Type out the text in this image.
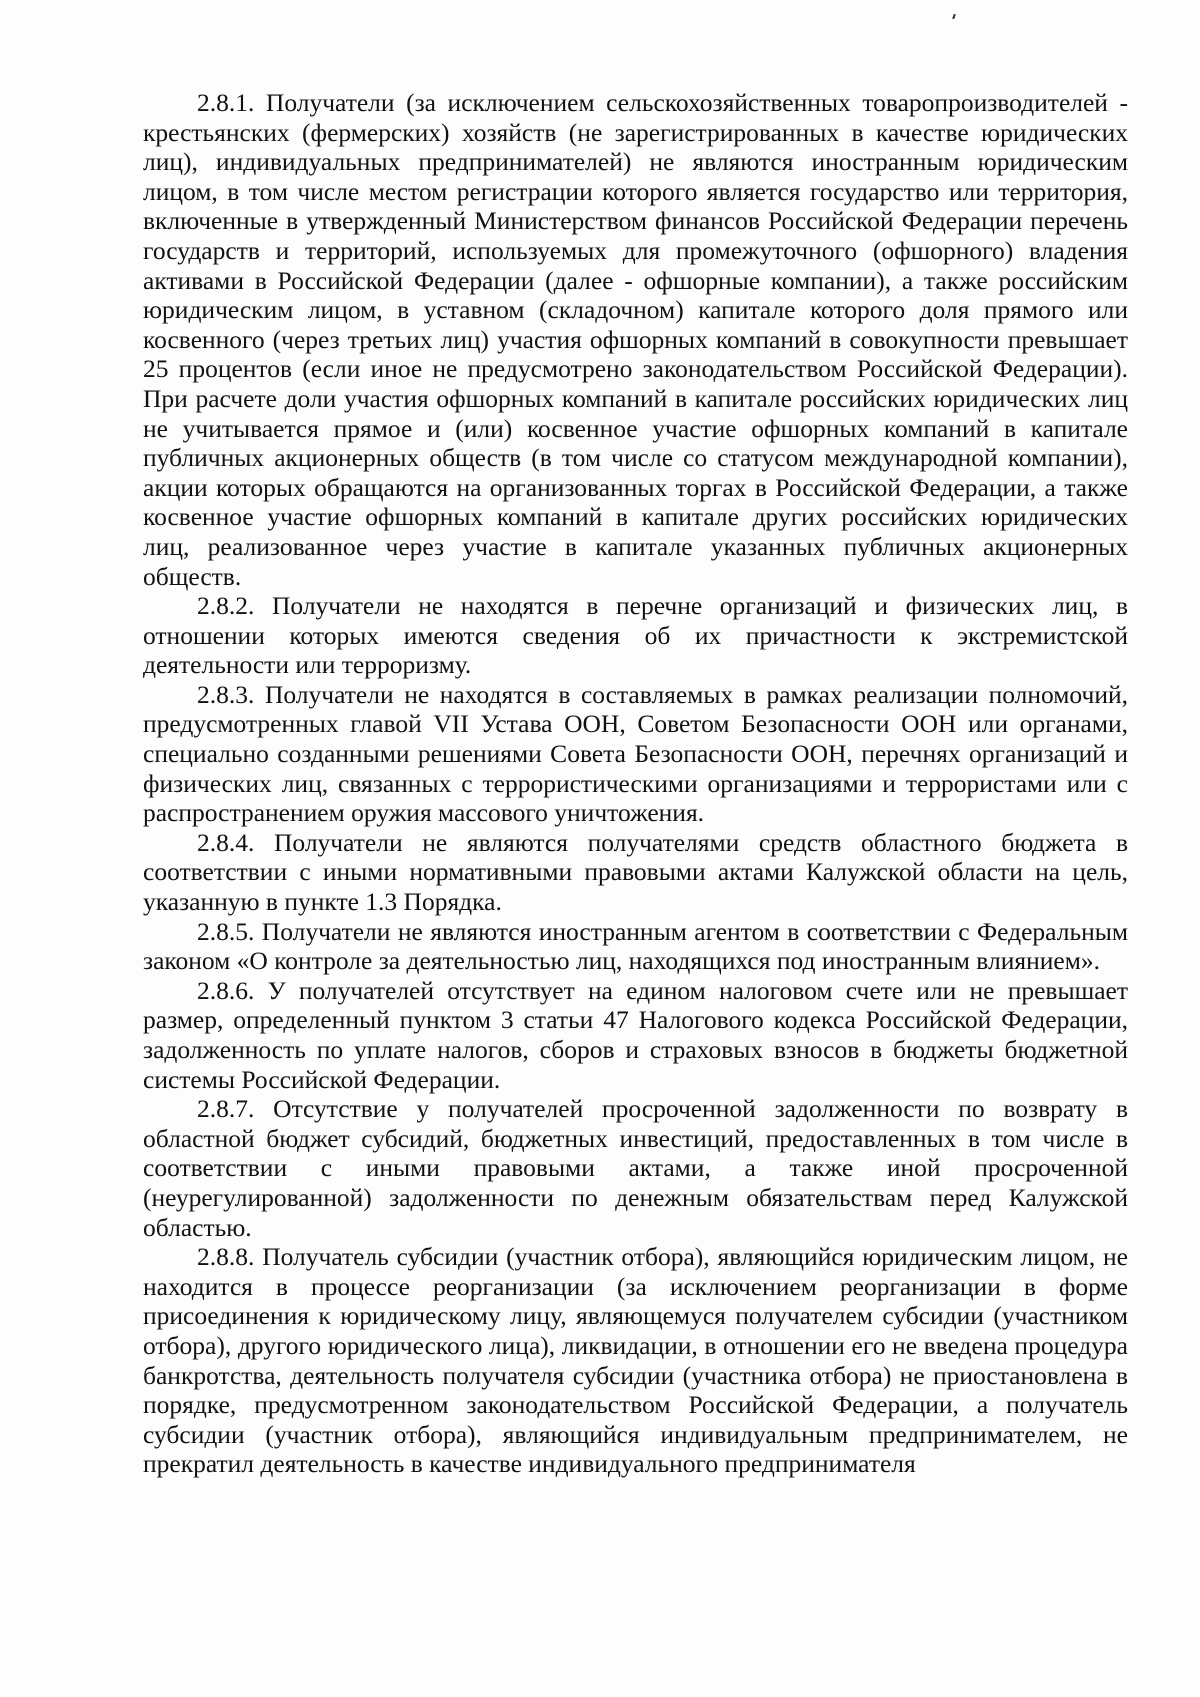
2.8.1. Получатели (за исключением сельскохозяйственных товаропроизводителей - крестьянских (фермерских) хозяйств (не зарегистрированных в качестве юридических лиц), индивидуальных предпринимателей) не являются иностранным юридическим лицом, в том числе местом регистрации которого является государство или территория, включенные в утвержденный Министерством финансов Российской Федерации перечень государств и территорий, используемых для промежуточного (офшорного) владения активами в Российской Федерации (далее - офшорные компании), а также российским юридическим лицом, в уставном (складочном) капитале которого доля прямого или косвенного (через третьих лиц) участия офшорных компаний в совокупности превышает 25 процентов (если иное не предусмотрено законодательством Российской Федерации). При расчете доли участия офшорных компаний в капитале российских юридических лиц не учитывается прямое и (или) косвенное участие офшорных компаний в капитале публичных акционерных обществ (в том числе со статусом международной компании), акции которых обращаются на организованных торгах в Российской Федерации, а также косвенное участие офшорных компаний в капитале других российских юридических лиц, реализованное через участие в капитале указанных публичных акционерных обществ.

2.8.2. Получатели не находятся в перечне организаций и физических лиц, в отношении которых имеются сведения об их причастности к экстремистской деятельности или терроризму.

2.8.3. Получатели не находятся в составляемых в рамках реализации полномочий, предусмотренных главой VII Устава ООН, Советом Безопасности ООН или органами, специально созданными решениями Совета Безопасности ООН, перечнях организаций и физических лиц, связанных с террористическими организациями и террористами или с распространением оружия массового уничтожения.

2.8.4. Получатели не являются получателями средств областного бюджета в соответствии с иными нормативными правовыми актами Калужской области на цель, указанную в пункте 1.3 Порядка.

2.8.5. Получатели не являются иностранным агентом в соответствии с Федеральным законом «О контроле за деятельностью лиц, находящихся под иностранным влиянием».

2.8.6. У получателей отсутствует на едином налоговом счете или не превышает размер, определенный пунктом 3 статьи 47 Налогового кодекса Российской Федерации, задолженность по уплате налогов, сборов и страховых взносов в бюджеты бюджетной системы Российской Федерации.

2.8.7. Отсутствие у получателей просроченной задолженности по возврату в областной бюджет субсидий, бюджетных инвестиций, предоставленных в том числе в соответствии с иными правовыми актами, а также иной просроченной (неурегулированной) задолженности по денежным обязательствам перед Калужской областью.

2.8.8. Получатель субсидии (участник отбора), являющийся юридическим лицом, не находится в процессе реорганизации (за исключением реорганизации в форме присоединения к юридическому лицу, являющемуся получателем субсидии (участником отбора), другого юридического лица), ликвидации, в отношении его не введена процедура банкротства, деятельность получателя субсидии (участника отбора) не приостановлена в порядке, предусмотренном законодательством Российской Федерации, а получатель субсидии (участник отбора), являющийся индивидуальным предпринимателем, не прекратил деятельность в качестве индивидуального предпринимателя
